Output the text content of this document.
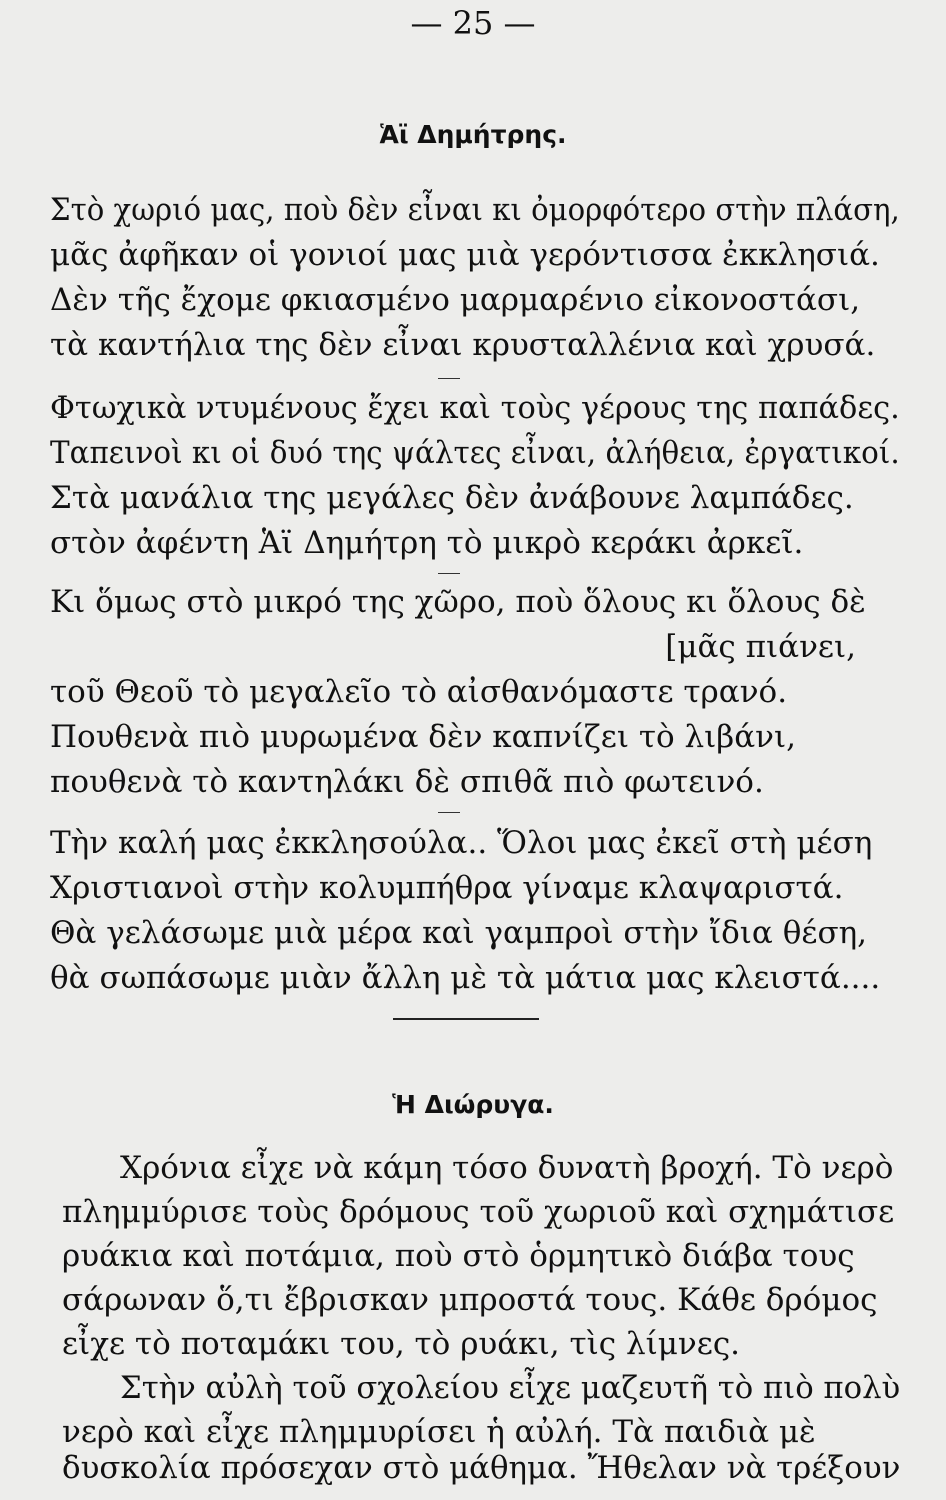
— 25 —
Ἁϊ Δημήτρης.
Στὸ χωριό μας, ποὺ δὲν εἶναι κι ὀμορφότερο στὴν πλάση,
μᾶς ἀφῆκαν οἱ γονιοί μας μιὰ γερόντισσα ἐκκλησιά.
Δὲν τῆς ἔχομε φκιασμένο μαρμαρένιο εἰκονοστάσι,
τὰ καντήλια της δὲν εἶναι κρυσταλλένια καὶ χρυσά.
Φτωχικὰ ντυμένους ἔχει καὶ τοὺς γέρους της παπάδες.
Ταπεινοὶ κι οἱ δυό της ψάλτες εἶναι, ἀλήθεια, ἐργατικοί.
Στὰ μανάλια της μεγάλες δὲν ἀνάβουνε λαμπάδες.
στὸν ἀφέντη Ἁϊ Δημήτρη τὸ μικρὸ κεράκι ἀρκεῖ.
Κι ὅμως στὸ μικρό της χῶρο, ποὺ ὅλους κι ὅλους δὲ
[μᾶς πιάνει,
τοῦ Θεοῦ τὸ μεγαλεῖο τὸ αἰσθανόμαστε τρανό.
Πουθενὰ πιὸ μυρωμένα δὲν καπνίζει τὸ λιβάνι,
πουθενὰ τὸ καντηλάκι δὲ σπιθᾶ πιὸ φωτεινό.
Τὴν καλή μας ἐκκλησούλα.. Ὅλοι μας ἐκεῖ στὴ μέση
Χριστιανοὶ στὴν κολυμπήθρα γίναμε κλαψαριστά.
Θὰ γελάσωμε μιὰ μέρα καὶ γαμπροὶ στὴν ἴδια θέση,
θὰ σωπάσωμε μιὰν ἄλλη μὲ τὰ μάτια μας κλειστά....
Ἡ Διώρυγα.
Χρόνια εἶχε νὰ κάμη τόσο δυνατὴ βροχή. Τὸ νερὸ
πλημμύρισε τοὺς δρόμους τοῦ χωριοῦ καὶ σχημάτισε
ρυάκια καὶ ποτάμια, ποὺ στὸ ὁρμητικὸ διάβα τους
σάρωναν ὅ,τι ἔβρισκαν μπροστά τους. Κάθε δρόμος
εἶχε τὸ ποταμάκι του, τὸ ρυάκι, τὶς λίμνες.
Στὴν αὐλὴ τοῦ σχολείου εἶχε μαζευτῆ τὸ πιὸ πολὺ
νερὸ καὶ εἶχε πλημμυρίσει ἡ αὐλή. Τὰ παιδιὰ μὲ
δυσκολία πρόσεχαν στὸ μάθημα. Ἤθελαν νὰ τρέξουν
